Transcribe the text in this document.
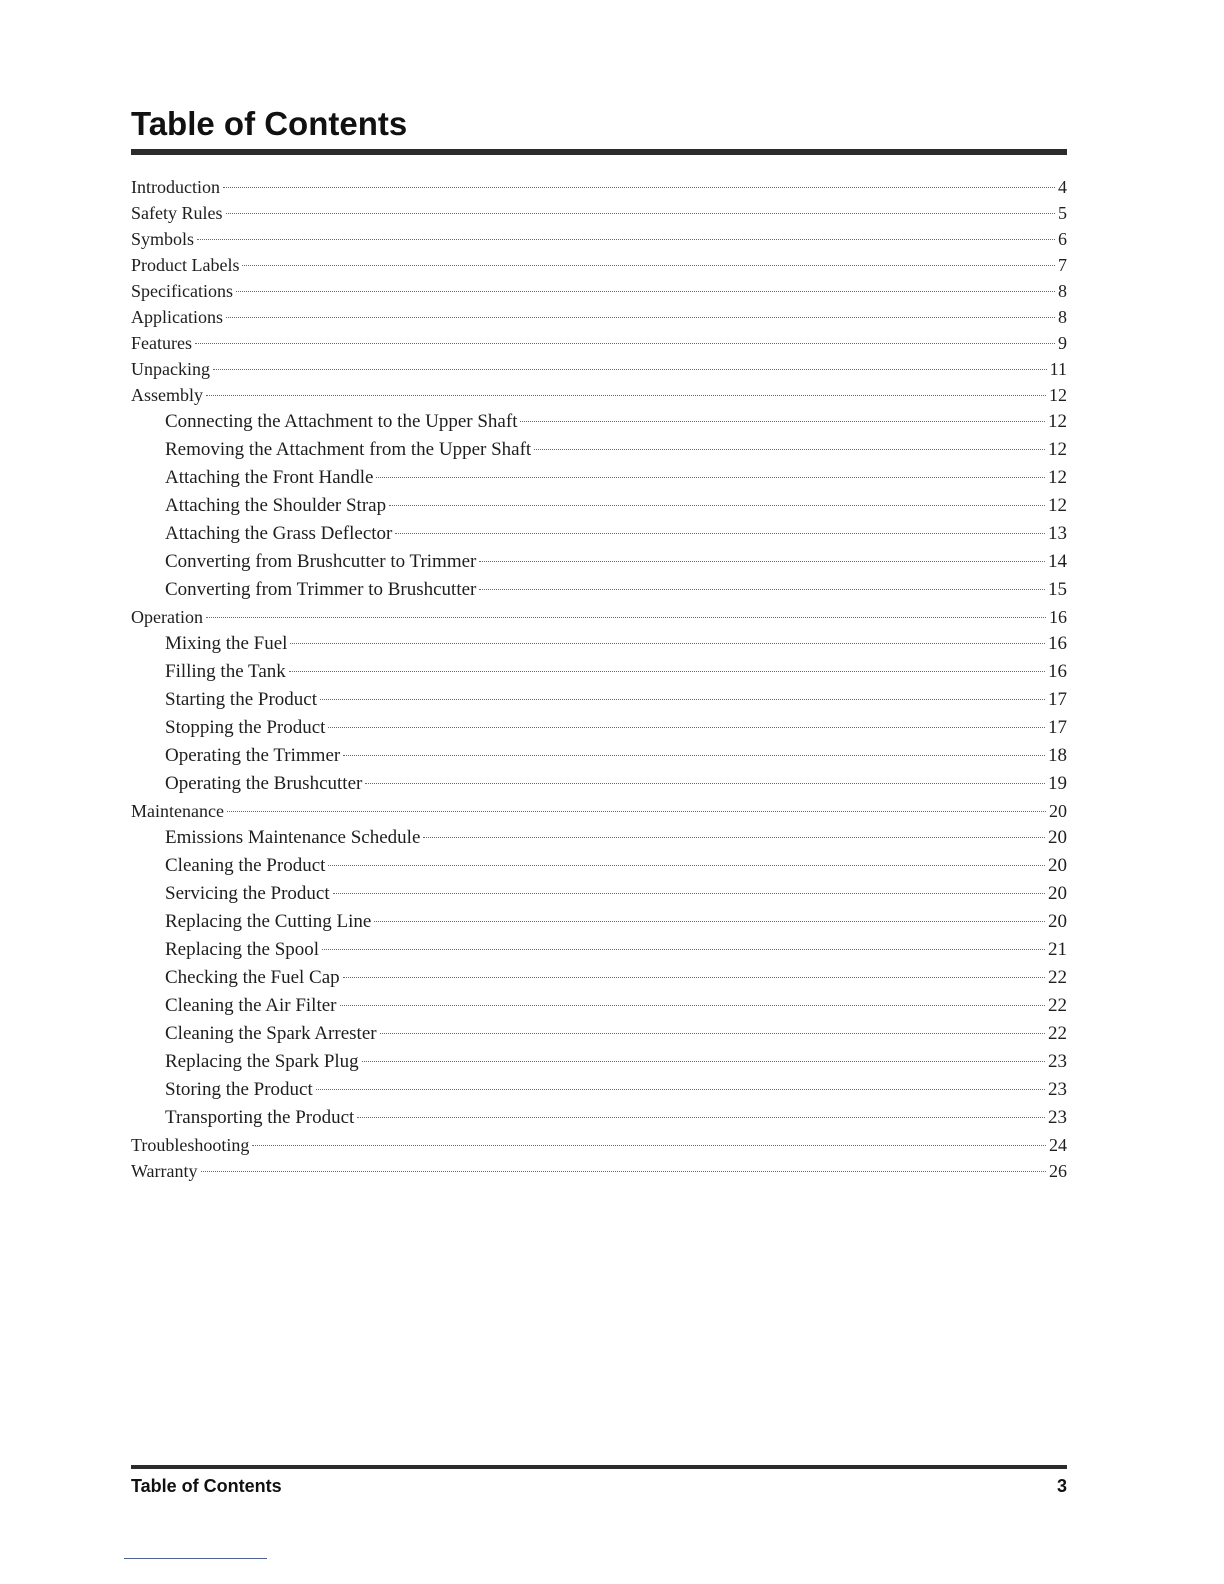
Table of Contents
Introduction	4
Safety Rules	5
Symbols	6
Product Labels	7
Specifications	8
Applications	8
Features	9
Unpacking	11
Assembly	12
Connecting the Attachment to the Upper Shaft	12
Removing the Attachment from the Upper Shaft	12
Attaching the Front Handle	12
Attaching the Shoulder Strap	12
Attaching the Grass Deflector	13
Converting from Brushcutter to Trimmer	14
Converting from Trimmer to Brushcutter	15
Operation	16
Mixing the Fuel	16
Filling the Tank	16
Starting the Product	17
Stopping the Product	17
Operating the Trimmer	18
Operating the Brushcutter	19
Maintenance	20
Emissions Maintenance Schedule	20
Cleaning the Product	20
Servicing the Product	20
Replacing the Cutting Line	20
Replacing the Spool	21
Checking the Fuel Cap	22
Cleaning the Air Filter	22
Cleaning the Spark Arrester	22
Replacing the Spark Plug	23
Storing the Product	23
Transporting the Product	23
Troubleshooting	24
Warranty	26
Table of Contents	3
